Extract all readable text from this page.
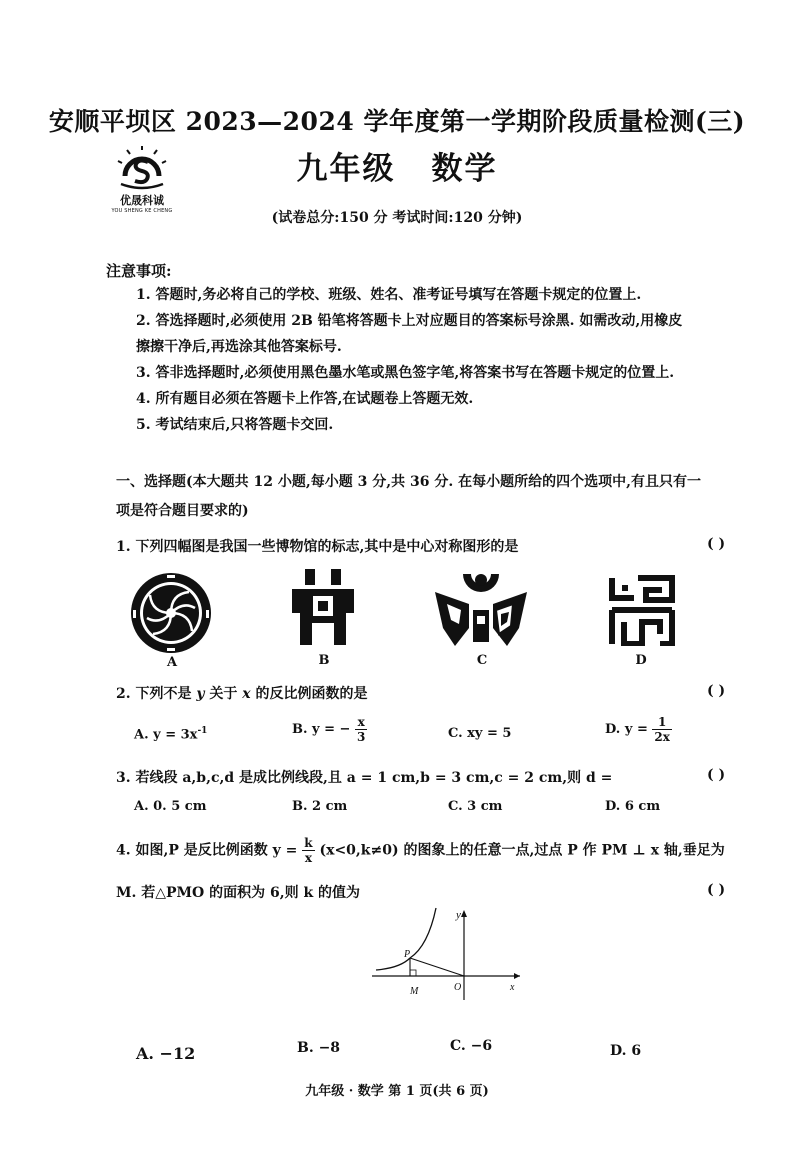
安顺平坝区 2023—2024 学年度第一学期阶段质量检测(三)
九年级 数学
优晟科诚
YOU SHENG KE CHENG	(试卷总分:150 分 考试时间:120 分钟)
注意事项:
1. 答题时,务必将自己的学校、班级、姓名、准考证号填写在答题卡规定的位置上.
2. 答选择题时,必须使用 2B 铅笔将答题卡上对应题目的答案标号涂黑. 如需改动,用橡皮
擦擦干净后,再选涂其他答案标号.
3. 答非选择题时,必须使用黑色墨水笔或黑色签字笔,将答案书写在答题卡规定的位置上.
4. 所有题目必须在答题卡上作答,在试题卷上答题无效.
5. 考试结束后,只将答题卡交回.
一、选择题(本大题共 12 小题,每小题 3 分,共 36 分. 在每小题所给的四个选项中,有且只有一
项是符合题目要求的)
1. 下列四幅图是我国一些博物馆的标志,其中是中心对称图形的是	( )
A	B	C	D
2. 下列不是 y 关于 x 的反比例函数的是	( )
A. $y = 3x^{-1}$	B. y = − $\frac{x}{3}$	C. xy = 5	D. $y = \frac{1}{2x}$
3. 若线段 a,b,c,d 是成比例线段,且 a = 1 cm,b = 3 cm,c = 2 cm,则 d =	( )
A. 0. 5 cm	B. 2 cm	C. 3 cm	D. 6 cm
4. 如图,P 是反比例函数 $y = \frac{k}{x} (x<0,k\ne 0)$ 的图象上的任意一点,过点 P 作 PM ⊥ x 轴,垂足为
M. 若△PMO 的面积为 6,则 k 的值为	( )
y
x
P
M	O
A. −12	B. −8	C. −6	D. 6
九年级 · 数学 第 1 页(共 6 页)
